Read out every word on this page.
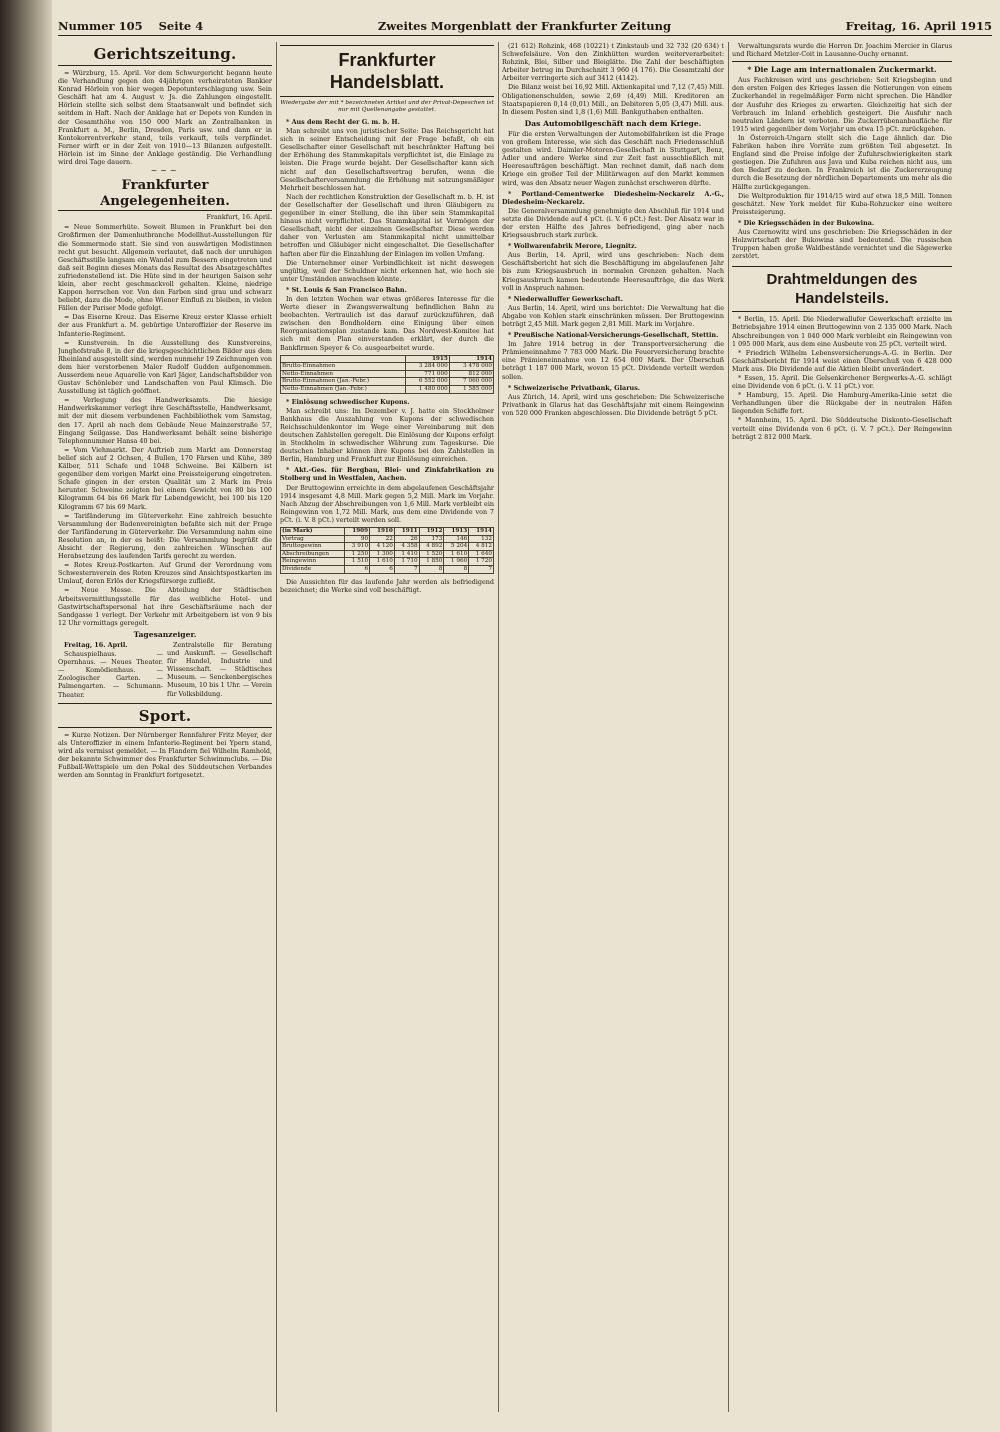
Nummer 105 Seite 4	Zweites Morgenblatt der Frankfurter Zeitung	Freitag, 16. April 1915
Gerichtszeitung.

= Würzburg, 15. April. Vor dem Schwurgericht begann heute die Verhandlung gegen den 44jährigen verheirateten Bankier Konrad Hörlein von hier wegen Depotunterschlagung usw. Sein Geschäft hat am 4. August v. Js. die Zahlungen eingestellt. Hörlein stellte sich selbst dem Staatsanwalt und befindet sich seitdem in Haft. Nach der Anklage hat er Depots von Kunden in der Gesamthöhe von 150 000 Mark an Zentralbanken in Frankfurt a. M., Berlin, Dresden, Paris usw. und dann er in Kontokorrentverkehr stand, teils verkauft, teils verpfändet. Ferner wirft er in der Zeit von 1910—13 Bilanzen aufgestellt. Hörlein ist im Sinne der Anklage geständig. Die Verhandlung wird drei Tage dauern.

~~~
Frankfurter Angelegenheiten.
Frankfurt, 16. April.

= Neue Sommerhüte. Soweit Blumen in Frankfurt bei den Großfirmen der Damenhutbranche Modellhut-Ausstellungen für die Sommermode statt. Sie sind von auswärtigen Modistinnen recht gut besucht. Allgemein verlautet, daß nach der unruhigen Geschäftsstille langsam ein Wandel zum Bessern eingetreten und daß seit Beginn dieses Monats das Resultat des Absatzgeschäftes zufriedenstellend ist. Die Hüte sind in der heurigen Saison sehr klein, aber recht geschmackvoll gehalten. Kleine, niedrige Kappen herrschen vor. Von den Farben sind grau und schwarz beliebt, dazu die Mode, ohne Wiener Einfluß zu bleiben, in vielen Fällen der Pariser Mode gefolgt.

= Das Eiserne Kreuz. Das Eiserne Kreuz erster Klasse erhielt der aus Frankfurt a. M. gebürtige Unteroffizier der Reserve im Infanterie-Regiment.

= Kunstverein. In die Ausstellung des Kunstvereins, Junghofstraße 8, in der die kriegsgeschichtlichen Bilder aus dem Rheinland ausgestellt sind, werden nunmehr 19 Zeichnungen von dem hier verstorbenen Maler Rudolf Gudden aufgenommen. Ausserdem neue Aquarelle von Karl Jäger, Landschaftsbilder von Gustav Schönleber und Landschaften von Paul Klimsch. Die Ausstellung ist täglich geöffnet.

= Verlegung des Handwerksamts. Die hiesige Handwerkskammer verlegt ihre Geschäftsstelle, Handwerksamt, mit der mit diesem verbundenen Fachbibliothek vom Samstag, den 17. April ab nach dem Gebäude Neue Mainzerstraße 57, Eingang Seilgasse. Das Handwerksamt behält seine bisherige Telephonnummer Hansa 40 bei.

= Vom Viehmarkt. Der Auftrieb zum Markt am Donnerstag belief sich auf 2 Ochsen, 4 Bullen, 170 Färsen und Kühe, 389 Kälber, 511 Schafe und 1048 Schweine. Bei Kälbern ist gegenüber dem vorigen Markt eine Preissteigerung eingetreten. Schafe gingen in der ersten Qualität um 2 Mark im Preis herunter. Schweine zeigten bei einem Gewicht von 80 bis 100 Kilogramm 64 bis 66 Mark für Lebendgewicht, bei 100 bis 120 Kilogramm 67 bis 69 Mark.

= Tarifänderung im Güterverkehr. Eine zahlreich besuchte Versammlung der Badenvereinigten befaßte sich mit der Frage der Tarifänderung in Güterverkehr. Die Versammlung nahm eine Resolution an, in der es heißt: Die Versammlung begrüßt die Absicht der Regierung, den zahlreichen Wünschen auf Herabsetzung des laufenden Tarifs gerecht zu werden.

= Rotes Kreuz-Postkarten. Auf Grund der Verordnung vom Schwesternverein des Roten Kreuzes sind Ansichtspostkarten im Umlauf, deren Erlös der Kriegsfürsorge zufließt.

= Neue Messe. Die Abteilung der Städtischen Arbeitsvermittlungsstelle für das weibliche Hotel- und Gastwirtschaftspersonal hat ihre Geschäftsräume nach der Sandgasse 1 verlegt. Der Verkehr mit Arbeitgebern ist von 9 bis 12 Uhr vormittags geregelt.

Tagesanzeiger.

Freitag, 16. April.

Schauspielhaus. — Opernhaus. — Neues Theater. — Komödienhaus. — Zoologischer Garten. — Palmengarten. — Schumann-Theater.

Zentralstelle für Beratung und Auskunft. — Gesellschaft für Handel, Industrie und Wissenschaft. — Städtisches Museum. — Senckenbergisches Museum, 10 bis 1 Uhr. — Verein für Volksbildung.

Sport.

= Kurze Notizen. Der Nürnberger Rennfahrer Fritz Meyer, der als Unteroffizier in einem Infanterie-Regiment bei Ypern stand, wird als vermisst gemeldet. — In Flandern fiel Wilhelm Ramhold, der bekannte Schwimmer des Frankfurter Schwimmclubs. — Die Fußball-Wettspiele um den Pokal des Süddeutschen Verbandes werden am Sonntag in Frankfurt fortgesetzt.

Frankfurter Handelsblatt.
Wiedergabe der mit * bezeichneten Artikel und der Privat-Depeschen ist nur mit Quellenangabe gestattet.

* Aus dem Recht der G. m. b. H.

Man schreibt uns von juristischer Seite: Das Reichsgericht hat sich in seiner Entscheidung mit der Frage befaßt, ob ein Gesellschafter einer Gesellschaft mit beschränkter Haftung bei der Erhöhung des Stammkapitals verpflichtet ist, die Einlage zu leisten. Die Frage wurde bejaht. Der Gesellschafter kann sich nicht auf den Gesellschaftsvertrag berufen, wenn die Gesellschafterversammlung die Erhöhung mit satzungsmäßiger Mehrheit beschlossen hat.

Nach der rechtlichen Konstruktion der Gesellschaft m. b. H. ist der Gesellschafter der Gesellschaft und ihren Gläubigern zu gegenüber in einer Stellung, die ihn über sein Stammkapital hinaus nicht verpflichtet. Das Stammkapital ist Vermögen der Gesellschaft, nicht der einzelnen Gesellschafter. Diese werden daher von Verlusten am Stammkapital nicht unmittelbar betroffen und Gläubiger nicht eingeschaltet. Die Gesellschafter haften aber für die Einzahlung der Einlagen im vollen Umfang.

Die Unternehmer einer Verbindlichkeit ist nicht deswegen ungültig, weil der Schuldner nicht erkennen hat, wie hoch sie unter Umständen anwachsen könnte.

* St. Louis & San Francisco Bahn.

In den letzten Wochen war etwas größeres Interesse für die Werte dieser in Zwangsverwaltung befindlichen Bahn zu beobachten. Vertraulich ist das darauf zurückzuführen, daß zwischen den Bondholdern eine Einigung über einen Reorganisationsplan zustande kam. Das Nordwest-Komitee hat sich mit dem Plan einverstanden erklärt, der durch die Bankfirmen Speyer & Co. ausgearbeitet wurde.

	1915	1914
Brutto-Einnahmen	3 284 000	3 478 000
Netto-Einnahmen	771 000	812 000
Brutto-Einnahmen (Jan.-Febr.)	6 552 000	7 060 000
Netto-Einnahmen (Jan.-Febr.)	1 480 000	1 585 000

* Einlösung schwedischer Kupons.

Man schreibt uns: Im Dezember v. J. hatte ein Stockholmer Bankhaus die Auszahlung von Kupons der schwedischen Reichsschuldenkontor im Wege einer Vereinbarung mit den deutschen Zahlstellen geregelt. Die Einlösung der Kupons erfolgt in Stockholm in schwedischer Währung zum Tageskurse. Die deutschen Inhaber können ihre Kupons bei den Zahlstellen in Berlin, Hamburg und Frankfurt zur Einlösung einreichen.

* Akt.-Ges. für Bergbau, Blei- und Zinkfabrikation zu Stolberg und in Westfalen, Aachen.

Der Bruttogewinn erreichte in dem abgelaufenen Geschäftsjahr 1914 insgesamt 4,8 Mill. Mark gegen 5,2 Mill. Mark im Vorjahr. Nach Abzug der Abschreibungen von 1,6 Mill. Mark verbleibt ein Reingewinn von 1,72 Mill. Mark, aus dem eine Dividende von 7 pCt. (i. V. 8 pCt.) verteilt werden soll.

(in Mark)	1909	1910	1911	1912	1913	1914
Vortrag	90	22	26	173	146	132
Bruttogewinn	3 910	4 120	4 358	4 892	5 204	4 812
Abschreibungen	1 250	1 300	1 410	1 520	1 610	1 640
Reingewinn	1 510	1 610	1 710	1 850	1 960	1 720
Dividende	6	6	7	8	8	7

Die Aussichten für das laufende Jahr werden als befriedigend bezeichnet; die Werke sind voll beschäftigt.

(21 612) Rohzink, 468 (10221) t Zinkstaub und 32 732 (20 634) t Schwefelsäure. Von den Zinkhütten wurden weiterverarbeitet: Rohzink, Blei, Silber und Bleiglätte. Die Zahl der beschäftigten Arbeiter betrug im Durchschnitt 3 960 (4 176). Die Gesamtzahl der Arbeiter verringerte sich auf 3412 (4142).

Die Bilanz weist bei 16,92 Mill. Aktienkapital und 7,12 (7,45) Mill. Obligationenschulden, sowie 2,69 (4,49) Mill. Kreditoren an Staatspapieren 0,14 (0,01) Mill., an Debitoren 5,05 (3,47) Mill. aus. In diesem Posten sind 1,8 (1,6) Mill. Bankguthaben enthalten.

Das Automobilgeschäft nach dem Kriege.

Für die ersten Verwaltungen der Automobilfabriken ist die Frage von großem Interesse, wie sich das Geschäft nach Friedensschluß gestalten wird. Daimler-Motoren-Gesellschaft in Stuttgart, Benz, Adler und andere Werke sind zur Zeit fast ausschließlich mit Heeresaufträgen beschäftigt. Man rechnet damit, daß nach dem Kriege ein großer Teil der Militärwagen auf den Markt kommen wird, was den Absatz neuer Wagen zunächst erschweren dürfte.

* Portland-Cementwerke Diedesheim-Neckarelz A.-G., Diedesheim-Neckarelz.

Die Generalversammlung genehmigte den Abschluß für 1914 und setzte die Dividende auf 4 pCt. (i. V. 6 pCt.) fest. Der Absatz war in der ersten Hälfte des Jahres befriedigend, ging aber nach Kriegsausbruch stark zurück.

* Wollwarenfabrik Merore, Liegnitz.

Aus Berlin, 14. April, wird uns geschrieben: Nach dem Geschäftsbericht hat sich die Beschäftigung im abgelaufenen Jahr bis zum Kriegsausbruch in normalen Grenzen gehalten. Nach Kriegsausbruch kamen bedeutende Heeresaufträge, die das Werk voll in Anspruch nahmen.

* Niederwalluffer Gewerkschaft.

Aus Berlin, 14. April, wird uns berichtet: Die Verwaltung hat die Abgabe von Kohlen stark einschränken müssen. Der Bruttogewinn beträgt 2,45 Mill. Mark gegen 2,81 Mill. Mark im Vorjahre.

* Preußische National-Versicherungs-Gesellschaft, Stettin.

Im Jahre 1914 betrug in der Transportversicherung die Prämieneinnahme 7 783 000 Mark. Die Feuerversicherung brachte eine Prämieneinnahme von 12 654 000 Mark. Der Überschuß beträgt 1 187 000 Mark, wovon 15 pCt. Dividende verteilt werden sollen.

* Schweizerische Privatbank, Glarus.

Aus Zürich, 14. April, wird uns geschrieben: Die Schweizerische Privatbank in Glarus hat das Geschäftsjahr mit einem Reingewinn von 520 000 Franken abgeschlossen. Die Dividende beträgt 5 pCt.

Verwaltungsrats wurde die Herren Dr. Joachim Mercier in Glarus und Richard Metzler-Coit in Lausanne-Ouchy ernannt.

* Die Lage am internationalen Zuckermarkt.

Aus Fachkreisen wird uns geschrieben: Seit Kriegsbeginn und den ersten Folgen des Krieges lassen die Notierungen von einem Zuckerhandel in regelmäßiger Form nicht sprechen. Die Händler der Ausfuhr des Krieges zu erwarten. Gleichzeitig hat sich der Verbrauch im Inland erheblich gesteigert. Die Ausfuhr nach neutralen Ländern ist verboten. Die Zuckerrübenanbaufläche für 1915 wird gegenüber dem Vorjahr um etwa 15 pCt. zurückgehen.

In Österreich-Ungarn stellt sich die Lage ähnlich dar. Die Fabriken haben ihre Vorräte zum größten Teil abgesetzt. In England sind die Preise infolge der Zufuhrschwierigkeiten stark gestiegen. Die Zufuhren aus Java und Kuba reichen nicht aus, um den Bedarf zu decken. In Frankreich ist die Zuckererzeugung durch die Besetzung der nördlichen Departements um mehr als die Hälfte zurückgegangen.

Die Weltproduktion für 1914/15 wird auf etwa 18,5 Mill. Tonnen geschätzt. New York meldet für Kuba-Rohzucker eine weitere Preissteigerung.

* Die Kriegsschäden in der Bukowina.

Aus Czernowitz wird uns geschrieben: Die Kriegsschäden in der Holzwirtschaft der Bukowina sind bedeutend. Die russischen Truppen haben große Waldbestände vernichtet und die Sägewerke zerstört.

Drahtmeldungen des Handelsteils.

* Berlin, 15. April. Die Niederwallufer Gewerkschaft erzielte im Betriebsjahre 1914 einen Bruttogewinn von 2 135 000 Mark. Nach Abschreibungen von 1 040 000 Mark verbleibt ein Reingewinn von 1 095 000 Mark, aus dem eine Ausbeute von 25 pCt. verteilt wird.

* Friedrich Wilhelm Lebensversicherungs-A.-G. in Berlin. Der Geschäftsbericht für 1914 weist einen Überschuß von 6 428 000 Mark aus. Die Dividende auf die Aktien bleibt unverändert.

* Essen, 15. April. Die Gelsenkirchener Bergwerks-A.-G. schlägt eine Dividende von 6 pCt. (i. V. 11 pCt.) vor.

* Hamburg, 15. April. Die Hamburg-Amerika-Linie setzt die Verhandlungen über die Rückgabe der in neutralen Häfen liegenden Schiffe fort.

* Mannheim, 15. April. Die Süddeutsche Diskonto-Gesellschaft verteilt eine Dividende von 6 pCt. (i. V. 7 pCt.). Der Reingewinn beträgt 2 812 000 Mark.
